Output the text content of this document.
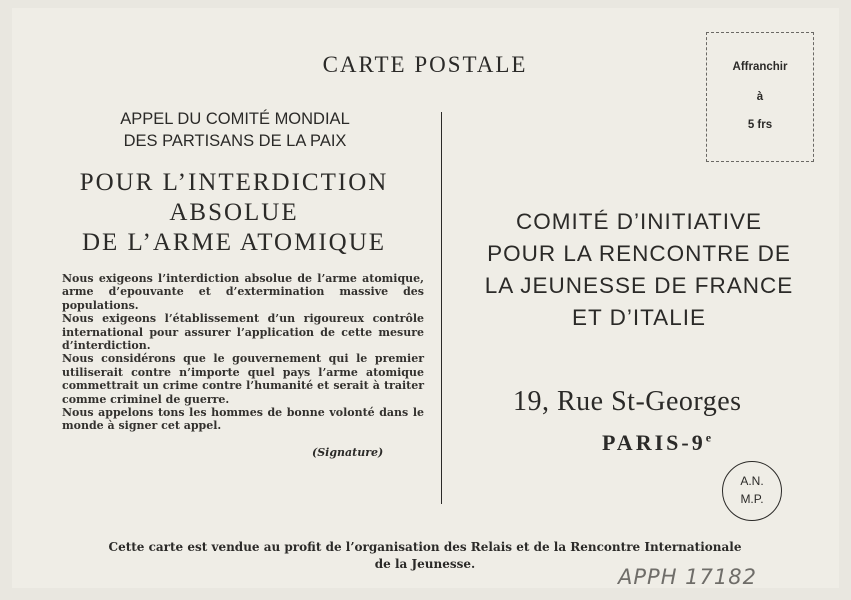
CARTE POSTALE	Affranchir
à
5 frs
APPEL DU COMITÉ MONDIAL
DES PARTISANS DE LA PAIX
POUR L’INTERDICTION
ABSOLUE
DE L’ARME ATOMIQUE

Nous exigeons l’interdiction absolue de l’arme atomique, arme d’epouvante et d’extermination massive des populations.

Nous exigeons l’établissement d’un rigoureux contrôle international pour assurer l’application de cette mesure d’interdiction.

Nous considérons que le gouvernement qui le premier utiliserait contre n’importe quel pays l’arme atomique commettrait un crime contre l’humanité et serait à traiter comme criminel de guerre.

Nous appelons tons les hommes de bonne volonté dans le monde à signer cet appel.

(Signature)
COMITÉ D’INITIATIVE
POUR LA RENCONTRE DE
LA JEUNESSE DE FRANCE
ET D’ITALIE
19, Rue St-Georges
PARIS-9e
A.N.
M.P.
Cette carte est vendue au profit de l’organisation des Relais et de la Rencontre Internationale
de la Jeunesse.
APPH 17182
